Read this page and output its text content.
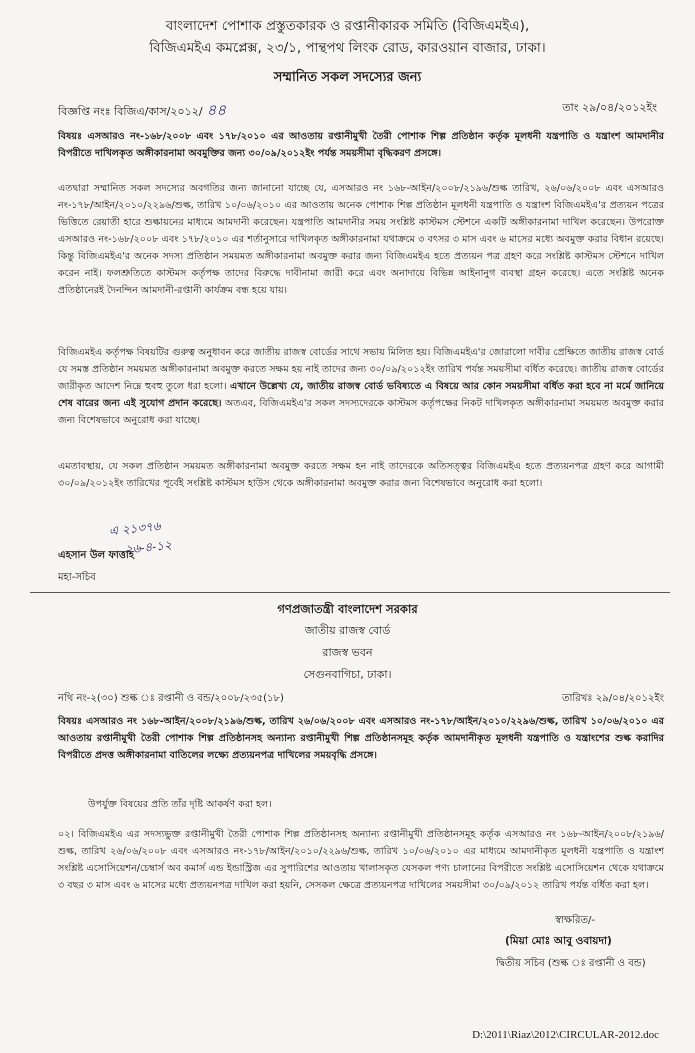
বাংলাদেশ পোশাক প্রস্তুতকারক ও রপ্তানীকারক সমিতি (বিজিএমইএ),
বিজিএমইএ কমপ্লেক্স, ২৩/১, পান্থপথ লিংক রোড, কারওয়ান বাজার, ঢাকা।
সম্মানিত সকল সদস্যের জন্য
বিজ্ঞপ্তি নংঃ বিজিএ/কাস/২০১২/ ৪৪	তাং ২৯/০৪/২০১২ইং
বিষয়ঃ এসআরও নং-১৬৮/২০০৮ এবং ১৭৮/২০১০ এর আওতায় রপ্তানীমুখী তৈরী পোশাক শিল্প প্রতিষ্ঠান কর্তৃক মূলধনী যন্ত্রপাতি ও যন্ত্রাংশ আমদানীর বিপরীতে দাখিলকৃত অঙ্গীকারনামা অবমুক্তির জন্য ৩০/০৯/২০১২ইং পর্যন্ত সময়সীমা বৃদ্ধিকরণ প্রসঙ্গে।
এতদ্বারা সম্মানিত সকল সদস্যের অবগতির জন্য জানানো যাচ্ছে যে, এসআরও নং ১৬৮-আইন/২০০৮/২১৯৬/শুল্ক তারিখ, ২৬/০৬/২০০৮ এবং এসআরও নং-১৭৮/আইন/২০১০/২২৯৬/শুল্ক, তারিখ ১০/০৬/২০১০ এর আওতায় অনেক পোশাক শিল্প প্রতিষ্ঠান মূলধনী যন্ত্রপাতি ও যন্ত্রাংশ বিজিএমইএ'র প্রত্যয়ন পত্রের ভিত্তিতে রেয়াতী হারে শুল্কায়নের মাধ্যমে আমদানী করেছেন। যন্ত্রপাতি আমদানীর সময় সংশ্লিষ্ট কাস্টমস স্টেশনে একটি অঙ্গীকারনামা দাখিল করেছেন। উপরোক্ত এসআরও নং-১৬৮/২০০৮ এবং ১৭৮/২০১০ এর শর্তানুসারে দাখিলকৃত অঙ্গীকারনামা যথাক্রমে ৩ বৎসর ৩ মাস এবং ৬ মাসের মধ্যে অবমুক্ত করার বিধান রয়েছে। কিন্তু বিজিএমইএ'র অনেক সদস্য প্রতিষ্ঠান সময়মত অঙ্গীকারনামা অবমুক্ত করার জন্য বিজিএমইএ হতে প্রত্যয়ন পত্র গ্রহণ করে সংশ্লিষ্ট কাস্টমস স্টেশনে দাখিল করেন নাই। ফলশ্রুতিতে কাস্টমস কর্তৃপক্ষ তাদের বিরুদ্ধে দাবীনামা জারী করে এবং অনাদায়ে বিভিন্ন আইনানুগ ব্যবস্থা গ্রহন করেছে। এতে সংশ্লিষ্ট অনেক প্রতিষ্ঠানেরই দৈনন্দিন আমদানী-রপ্তানী কার্যক্রম বন্ধ হয়ে যায়।
বিজিএমইএ কর্তৃপক্ষ বিষয়টির গুরুত্ব অনুধাবন করে জাতীয় রাজস্ব বোর্ডের সাথে সভায় মিলিত হয়। বিজিএমইএ'র জোরালো দাবীর প্রেক্ষিতে জাতীয় রাজস্ব বোর্ড যে সমস্ত প্রতিষ্ঠান সময়মত অঙ্গীকারনামা অবমুক্ত করতে সক্ষম হয় নাই তাদের জন্য ৩০/০৯/২০১২ইং তারিখ পর্যন্ত সময়সীমা বর্ধিত করেছে। জাতীয় রাজস্ব বোর্ডের জারীকৃত আদেশ নিম্নে হুবহু তুলে ধরা হলো। এখানে উল্লেখ্য যে, জাতীয় রাজস্ব বোর্ড ভবিষ্যতে এ বিষয়ে আর কোন সময়সীমা বর্ধিত করা হবে না মর্মে জানিয়ে শেষ বারের জন্য এই সুযোগ প্রদান করেছে। অতএব, বিজিএমইএ'র সকল সদস্যদেরকে কাস্টমস কর্তৃপক্ষের নিকট দাখিলকৃত অঙ্গীকারনামা সময়মত অবমুক্ত করার জন্য বিশেষভাবে অনুরোধ করা যাচ্ছে।
এমতাবস্থায়, যে সকল প্রতিষ্ঠান সময়মত অঙ্গীকারনামা অবমুক্ত করতে সক্ষম হন নাই তাদেরকে অতিসত্ত্বর বিজিএমইএ হতে প্রত্যয়নপত্র গ্রহণ করে আগামী ৩০/০৯/২০১২ইং তারিখের পূর্বেই সংশ্লিষ্ট কাস্টমস হাউস থেকে অঙ্গীকারনামা অবমুক্ত করার জন্য বিশেষভাবে অনুরোধ করা হলো।
এ ২১৩৭৬
২৬-৪-১২
এহসান উল ফাত্তাহ
মহা-সচিব
গণপ্রজাতন্ত্রী বাংলাদেশ সরকার
জাতীয় রাজস্ব বোর্ড
রাজস্ব ভবন
সেগুনবাগিচা, ঢাকা।
নথি নং-২(৩০) শুল্ক ঃ রপ্তানী ও বন্ড/২০০৮/২৩৫(১৮)	তারিখঃ ২৯/০৪/২০১২ইং
বিষয়ঃ এসআরও নং ১৬৮-আইন/২০০৮/২১৯৬/শুল্ক, তারিখ ২৬/০৬/২০০৮ এবং এসআরও নং-১৭৮/আইন/২০১০/২২৯৬/শুল্ক, তারিখ ১০/০৬/২০১০ এর আওতায় রপ্তানীমুখী তৈরী পোশাক শিল্প প্রতিষ্ঠানসহ অন্যান্য রপ্তানীমুখী শিল্প প্রতিষ্ঠানসমূহ কর্তৃক আমদানীকৃত মূলধনী যন্ত্রপাতি ও যন্ত্রাংশের শুল্ক করাদির বিপরীতে প্রদত্ত অঙ্গীকারনামা বাতিলের লক্ষ্যে প্রত্যয়নপত্র দাখিলের সময়বৃদ্ধি প্রসঙ্গে।
উপর্যুক্ত বিষয়ের প্রতি তাঁর দৃষ্টি আকর্ষণ করা হল।
০২। বিজিএমইএ এর সদস্যভুক্ত রপ্তানীমুখী তৈরী পোশাক শিল্প প্রতিষ্ঠানসহ অন্যান্য রপ্তানীমুখী প্রতিষ্ঠানসমূহ কর্তৃক এসআরও নং ১৬৮-আইন/২০০৮/২১৯৬/শুল্ক, তারিখ ২৬/০৬/২০০৮ এবং এসআরও নং-১৭৮/আইন/২০১০/২২৯৬/শুল্ক, তারিখ ১০/০৬/২০১০ এর মাধ্যমে আমদানীকৃত মূলধনী যন্ত্রপাতি ও যন্ত্রাংশ সংশ্লিষ্ট এসোসিয়েশন/চেম্বার্স অব কমার্স এন্ড ইন্ডাস্ট্রিজ এর সুপারিশের আওতায় খালাসকৃত যেসকল পণ্য চালানের বিপরীতে সংশ্লিষ্ট এসোসিয়েশন থেকে যথাক্রমে ৩ বছর ৩ মাস এবং ৬ মাসের মধ্যে প্রত্যয়নপত্র দাখিল করা হয়নি, সেসকল ক্ষেত্রে প্রত্যয়নপত্র দাখিলের সময়সীমা ৩০/০৯/২০১২ তারিখ পর্যন্ত বর্ধিত করা হল।
স্বাক্ষরিত/-
(মিয়া মোঃ আবু ওবায়দা)
দ্বিতীয় সচিব (শুল্ক ঃ রপ্তানী ও বন্ড)
D:\2011\Riaz\2012\CIRCULAR-2012.doc
